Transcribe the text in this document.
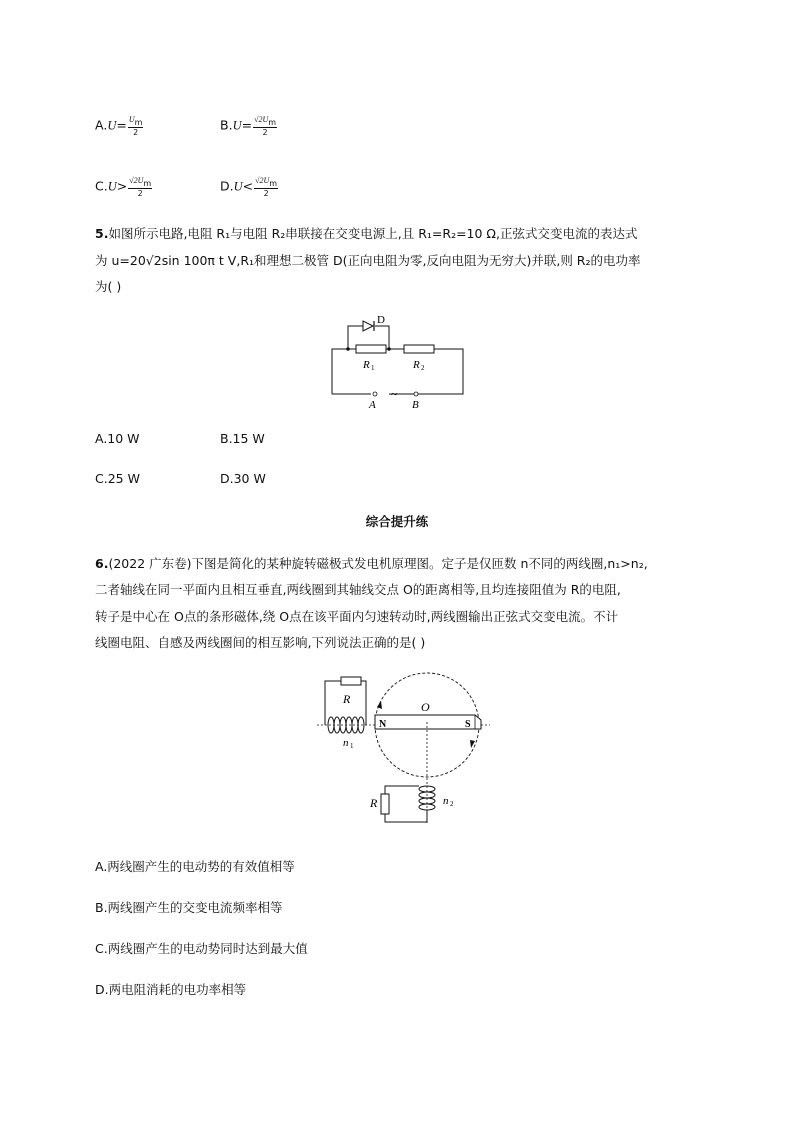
$A.U= \frac{Um}{2}$	$B.U= \frac{√2Um}{2}$
$C.U> \frac{√2Um}{2}$	$D.U< \frac{√2Um}{2}$
5.如图所示电路,电阻 R₁与电阻 R₂串联接在交变电源上,且 R₁=R₂=10 Ω,正弦式交变电流的表达式
为 u=20√2sin 100π t V,R₁和理想二极管 D(正向电阻为零,反向电阻为无穷大)并联,则 R₂的电功率
为( )
D
R 1	R 2
~
A	B
A.10 W	B.15 W
C.25 W	D.30 W
综合提升练
6.(2022 广东卷)下图是简化的某种旋转磁极式发电机原理图。定子是仅匝数 n不同的两线圈,n₁>n₂,
二者轴线在同一平面内且相互垂直,两线圈到其轴线交点 O的距离相等,且均连接阻值为 R的电阻,
转子是中心在 O点的条形磁体,绕 O点在该平面内匀速转动时,两线圈输出正弦式交变电流。不计
线圈电阻、自感及两线圈间的相互影响,下列说法正确的是( )
R
n 1
N	S
O
R	n 2
A.两线圈产生的电动势的有效值相等
B.两线圈产生的交变电流频率相等
C.两线圈产生的电动势同时达到最大值
D.两电阻消耗的电功率相等
